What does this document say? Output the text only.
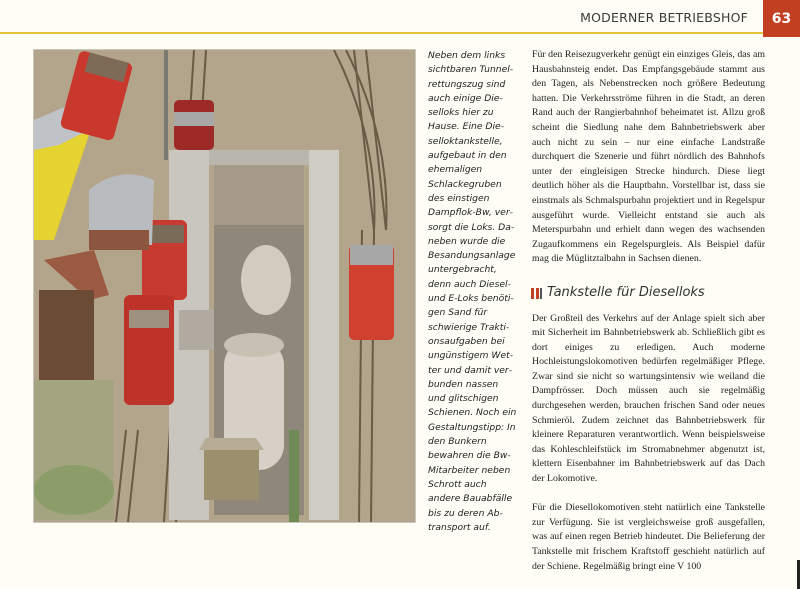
MODERNER BETRIEBSHOF 63

Neben dem links sichtbaren Tunnelrettungszug sind auch einige Dieselloks hier zu Hause. Eine Dieselloktankstelle, aufgebaut in den ehemaligen Schlackegruben des einstigen Dampflok-Bw, versorgt die Loks. Daneben wurde die Besandungsanlage untergebracht, denn auch Diesel- und E-Loks benötigen Sand für schwierige Traktionsaufgaben bei ungünstigem Wetter und damit verbunden nassen und glitschigen Schienen. Noch ein Gestaltungstipp: In den Bunkern bewahren die Bw-Mitarbeiter neben Schrott auch andere Bauabfälle bis zu deren Abtransport auf.

Für den Reisezugverkehr genügt ein einziges Gleis, das am Hausbahnsteig endet. Das Empfangsgebäude stammt aus den Tagen, als Nebenstrecken noch größere Bedeutung hatten. Die Verkehrsströme führen in die Stadt, an deren Rand auch der Rangierbahnhof beheimatet ist. Allzu groß scheint die Siedlung nahe dem Bahnbetriebswerk aber auch nicht zu sein – nur eine einfache Landstraße durchquert die Szenerie und führt nördlich des Bahnhofs unter der eingleisigen Strecke hindurch. Diese liegt deutlich höher als die Hauptbahn. Vorstellbar ist, dass sie einstmals als Schmalspurbahn projektiert und in Regelspur ausgeführt wurde. Vielleicht entstand sie auch als Meterspurbahn und erhielt dann wegen des wachsenden Zugaufkommens ein Regelspurgleis. Als Beispiel dafür mag die Müglitztalbahn in Sachsen dienen.

Tankstelle für Dieselloks

Der Großteil des Verkehrs auf der Anlage spielt sich aber mit Sicherheit im Bahnbetriebswerk ab. Schließlich gibt es dort einiges zu erledigen. Auch moderne Hochleistungslokomotiven bedürfen regelmäßiger Pflege. Zwar sind sie nicht so wartungsintensiv wie weiland die Dampfrösser. Doch müssen auch sie regelmäßig durchgesehen werden, brauchen frischen Sand oder neues Schmieröl. Zudem zeichnet das Bahnbetriebswerk für kleinere Reparaturen verantwortlich. Wenn beispielsweise das Kohleschleifstück im Stromabnehmer abgenutzt ist, klettern Eisenbahner im Bahnbetriebswerk auf das Dach der Lokomotive.

Für die Diesellokomotiven steht natürlich eine Tankstelle zur Verfügung. Sie ist vergleichsweise groß ausgefallen, was auf einen regen Betrieb hindeutet. Die Belieferung der Tankstelle mit frischem Kraftstoff geschieht natürlich auf der Schiene. Regelmäßig bringt eine V 100
